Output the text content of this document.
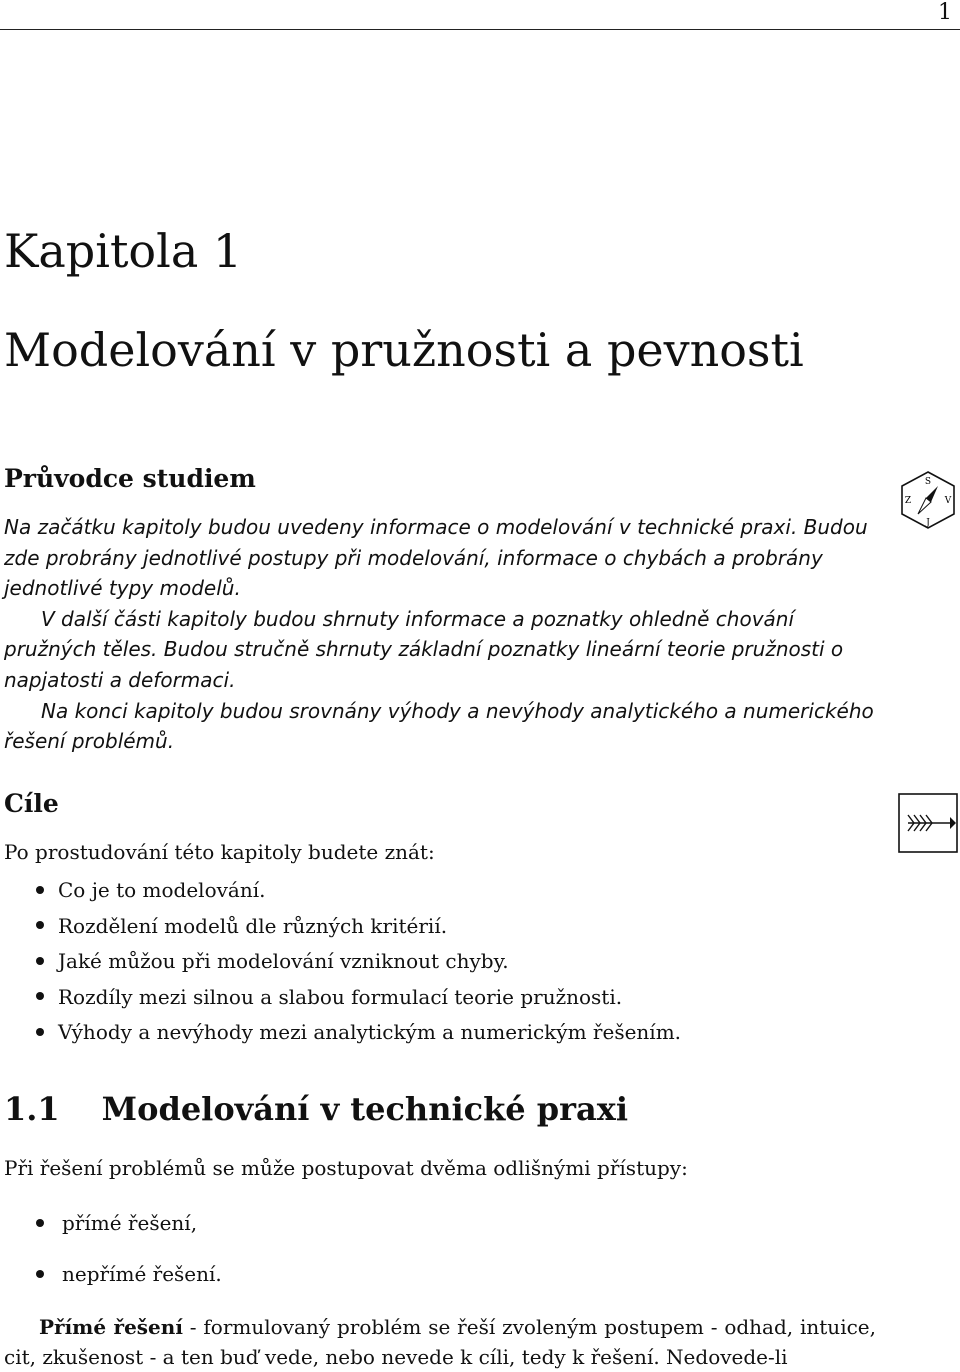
1
Kapitola 1
Modelování v pružnosti a pevnosti
Průvodce studiem

Na začátku kapitoly budou uvedeny informace o modelování v technické praxi. Budou zde probrány jednotlivé postupy při modelování, informace o chybách a probrány jednotlivé typy modelů.

V další části kapitoly budou shrnuty informace a poznatky ohledně chování pružných těles. Budou stručně shrnuty základní poznatky lineární teorie pružnosti o napjatosti a deformaci.

Na konci kapitoly budou srovnány výhody a nevýhody analytického a numerického řešení problémů.

S
Z	V
J
Cíle
Po prostudování této kapitoly budete znát:
Co je to modelování.
Rozdělení modelů dle různých kritérií.
Jaké můžou při modelování vzniknout chyby.
Rozdíly mezi silnou a slabou formulací teorie pružnosti.
Výhody a nevýhody mezi analytickým a numerickým řešením.
1.1 Modelování v technické praxi
Při řešení problémů se může postupovat dvěma odlišnými přístupy:
přímé řešení,
nepřímé řešení.

Přímé řešení - formulovaný problém se řeší zvoleným postupem - odhad, intuice, cit, zkušenost - a ten buď vede, nebo nevede k cíli, tedy k řešení. Nedovede-li
